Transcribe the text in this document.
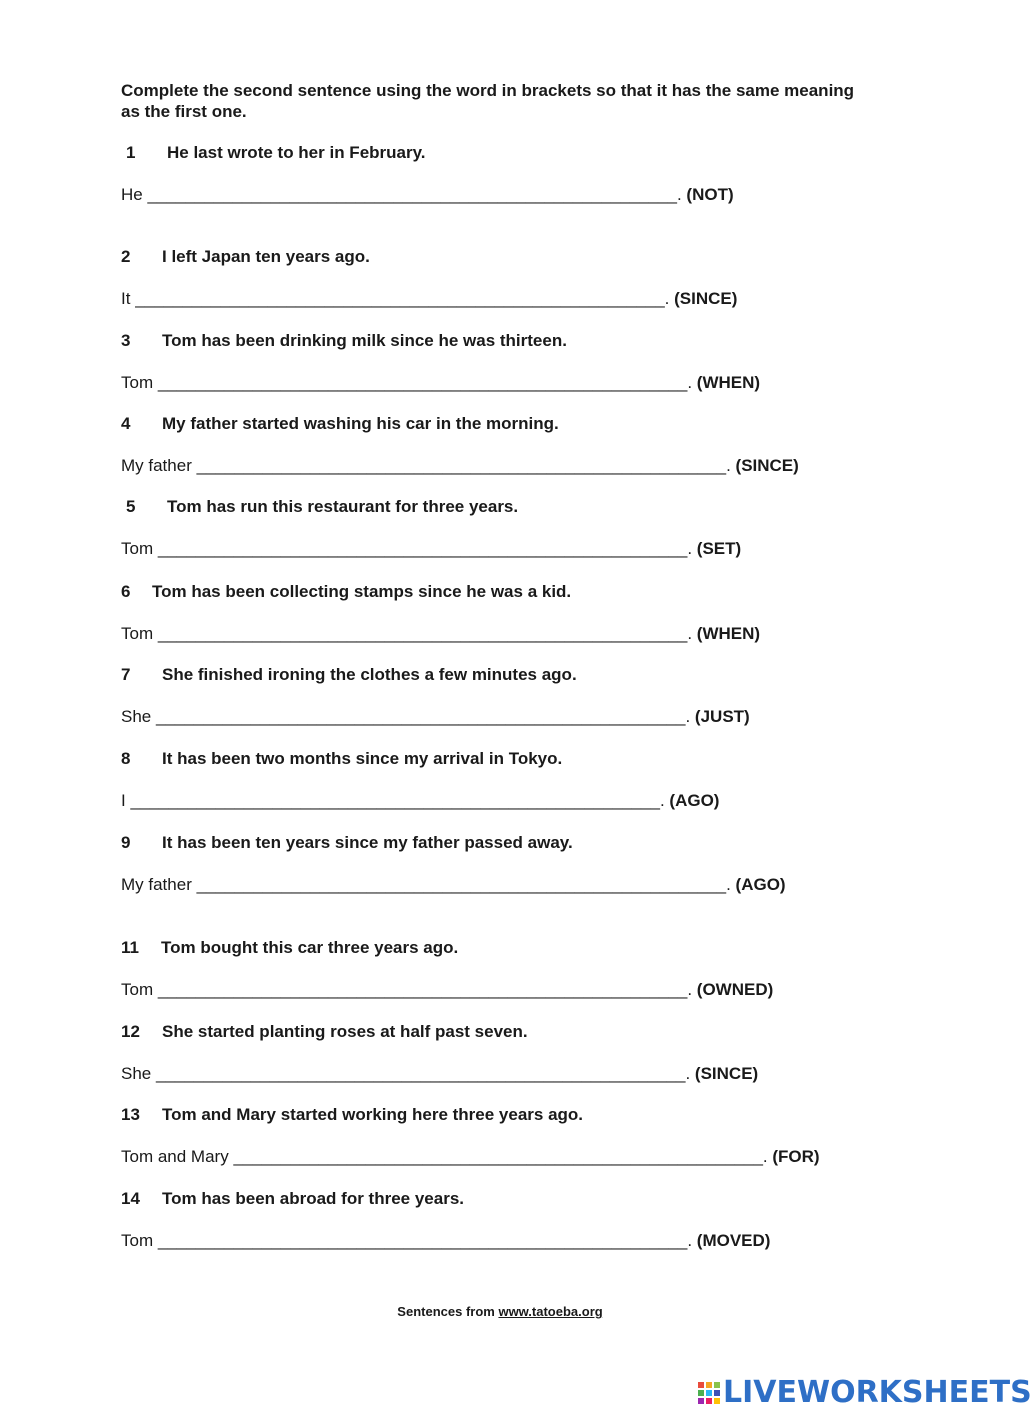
Complete the second sentence using the word in brackets so that it has the same meaning as the first one.
1 He last wrote to her in February.
He ________________________________________________________. (NOT)
2 I left Japan ten years ago.
It ________________________________________________________. (SINCE)
3 Tom has been drinking milk since he was thirteen.
Tom ________________________________________________________. (WHEN)
4 My father started washing his car in the morning.
My father ________________________________________________________. (SINCE)
5 Tom has run this restaurant for three years.
Tom ________________________________________________________. (SET)
6 Tom has been collecting stamps since he was a kid.
Tom ________________________________________________________. (WHEN)
7 She finished ironing the clothes a few minutes ago.
She ________________________________________________________. (JUST)
8 It has been two months since my arrival in Tokyo.
I ________________________________________________________. (AGO)
9 It has been ten years since my father passed away.
My father ________________________________________________________. (AGO)
11 Tom bought this car three years ago.
Tom ________________________________________________________. (OWNED)
12 She started planting roses at half past seven.
She ________________________________________________________. (SINCE)
13 Tom and Mary started working here three years ago.
Tom and Mary ________________________________________________________. (FOR)
14 Tom has been abroad for three years.
Tom ________________________________________________________. (MOVED)
Sentences from www.tatoeba.org
LIVEWORKSHEETS
